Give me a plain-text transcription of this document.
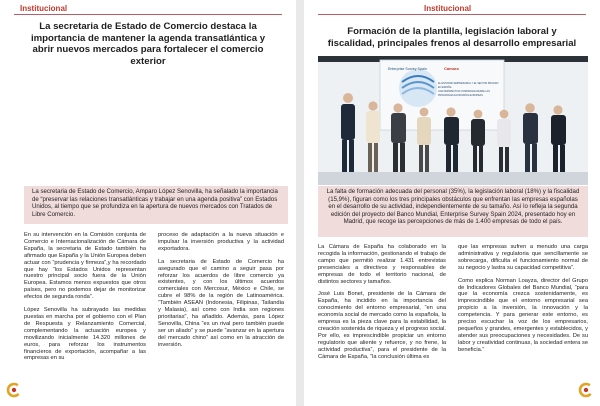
Institucional
La secretaria de Estado de Comercio destaca la importancia de mantener la agenda transatlántica y abrir nuevos mercados para fortalecer el comercio exterior
La secretaria de Estado de Comercio, Amparo López Senovilla, ha señalado la importancia de “preservar las relaciones transatlánticas y trabajar en una agenda positiva” con Estados Unidos, al tiempo que se profundiza en la apertura de nuevos mercados con Tratados de Libre Comercio.

En su intervención en la Comisión conjunta de Comercio e Internacionalización de Cámara de España, la secretaria de Estado también ha afirmado que España y la Unión Europea deben actuar con “prudencia y firmeza”,y ha recordado que hay “los Estados Unidos representan nuestro principal socio fuera de la Unión Europea. Estamos menos expuestos que otros países, pero no podemos dejar de monitorizar efectos de segunda ronda”.

López Senovilla ha subrayado las medidas puestas en marcha por el gobierno con el Plan de Respuesta y Relanzamiento Comercial, complementando la actuación europea y movilizando inicialmente 14.320 millones de euros, para reforzar los instrumentos financieros de exportación, acompañar a las empresas en su

proceso de adaptación a la nueva situación e impulsar la inversión productiva y la actividad exportadora.

La secretaria de Estado de Comercio ha asegurado que el camino a seguir pasa por reforzar los acuerdos de libre comercio ya existentes, y con los últimos acuerdos comerciales con Mercosur, México e Chile, se cubre el 98% de la región de Latinoamérica. “También ASEAN (Indonesia, Filipinas, Tailandia y Malasia), así como con India son regiones prioritarias”, ha añadido. Además, para López Senovilla, China “es un rival pero también puede ser un aliado” y se puede “avanzar en la apertura del mercado chino” así como en la atracción de inversión.

Institucional
Formación de la plantilla, legislación laboral y fiscalidad, principales frenos al desarrollo empresarial
Enterprise Survey Spain	Cámara
EL ENTORNO EMPRESARIAL Y EL SECTOR PRIVADO
EN ESPAÑA
UNA PERSPECTIVA COMPARADA DESDE LAS
PRINCIPALES ECONOMÍAS EUROPEAS
La falta de formación adecuada del personal (35%), la legislación laboral (18%) y la fiscalidad (15,9%), figuran como los tres principales obstáculos que enfrentan las empresas españolas en el desarrollo de su actividad, independientemente de su tamaño. Así lo refleja la segunda edición del proyecto del Banco Mundial, Enterprise Survey Spain 2024, presentado hoy en Madrid, que recoge las percepciones de más de 1.400 empresas de todo el país.

La Cámara de España ha colaborado en la recogida la información, gestionando el trabajo de campo que permitió realizar 1.431 entrevistas presenciales a directivos y responsables de empresas de todo el territorio nacional, de distintos sectores y tamaños.

José Luis Bonet, presidente de la Cámara de España, ha incidido en la importancia del conocimiento del entorno empresarial, “en una economía social de mercado como la española, la empresa es la pieza clave para la estabilidad, la creación sostenida de riqueza y el progreso social. Por ello, es imprescindible propiciar un entorno regulatorio que aliente y refuerce, y no frene, la actividad productiva”, para el presidente de la Cámara de España, “la conclusión última es

que las empresas sufren a menudo una carga administrativa y regulatoria que sencillamente se sobrecarga, dificulta el funcionamiento normal de su negocio y lastra su capacidad competitiva”.

Como explica Norman Loayza, director del Grupo de Indicadores Globales del Banco Mundial, “para que la economía crezca sostenidamente, es imprescindible que el entorno empresarial sea propicio a la inversión, la innovación y la competencia. Y para generar este entorno, es preciso escuchar la voz de los empresarios, pequeños y grandes, emergentes y establecidos, y atender sus preocupaciones y necesidades. De su labor y creatividad continuas, la sociedad entera se beneficia.”
